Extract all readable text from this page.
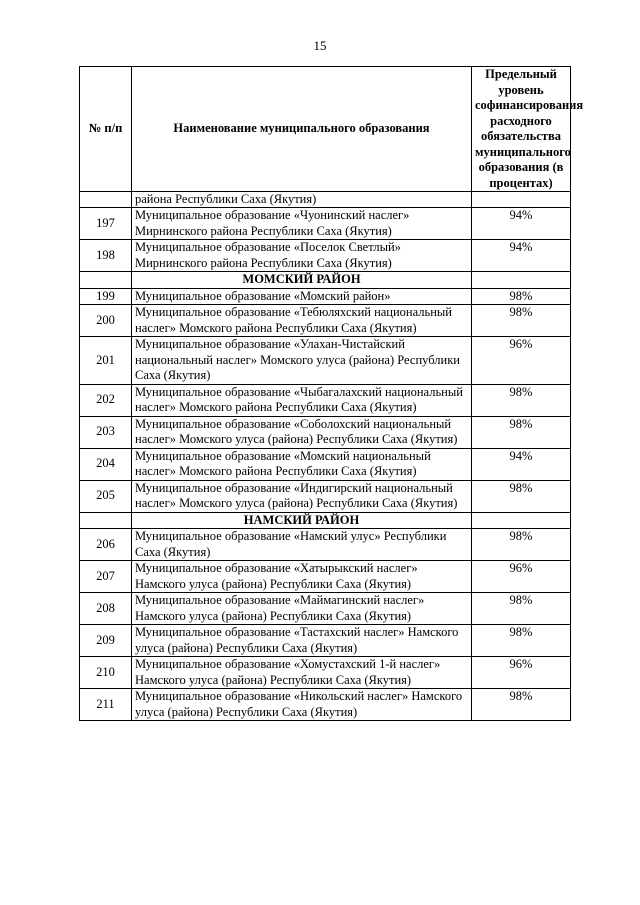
15
№ п/п	Наименование муниципального образования	Предельный уровень софинансирования расходного обязательства муниципального образования (в процентах)
	района Республики Саха (Якутия)	
197	Муниципальное образование «Чуонинский наслег» Мирнинского района Республики Саха (Якутия)	94%
198	Муниципальное образование «Поселок Светлый» Мирнинского района Республики Саха (Якутия)	94%
	МОМСКИЙ РАЙОН	
199	Муниципальное образование «Момский район»	98%
200	Муниципальное образование «Тебюляхский национальный наслег» Момского района Республики Саха (Якутия)	98%
201	Муниципальное образование «Улахан-Чистайский национальный наслег» Момского улуса (района) Республики Саха (Якутия)	96%
202	Муниципальное образование «Чыбагалахский национальный наслег» Момского района Республики Саха (Якутия)	98%
203	Муниципальное образование «Соболохский национальный наслег» Момского улуса (района) Республики Саха (Якутия)	98%
204	Муниципальное образование «Момский национальный наслег» Момского района Республики Саха (Якутия)	94%
205	Муниципальное образование «Индигирский национальный наслег» Момского улуса (района) Республики Саха (Якутия)	98%
	НАМСКИЙ РАЙОН	
206	Муниципальное образование «Намский улус» Республики Саха (Якутия)	98%
207	Муниципальное образование «Хатырыкский наслег» Намского улуса (района) Республики Саха (Якутия)	96%
208	Муниципальное образование «Маймагинский наслег» Намского улуса (района) Республики Саха (Якутия)	98%
209	Муниципальное образование «Тастахский наслег» Намского улуса (района) Республики Саха (Якутия)	98%
210	Муниципальное образование «Хомустахский 1-й наслег» Намского улуса (района) Республики Саха (Якутия)	96%
211	Муниципальное образование «Никольский наслег» Намского улуса (района) Республики Саха (Якутия)	98%
